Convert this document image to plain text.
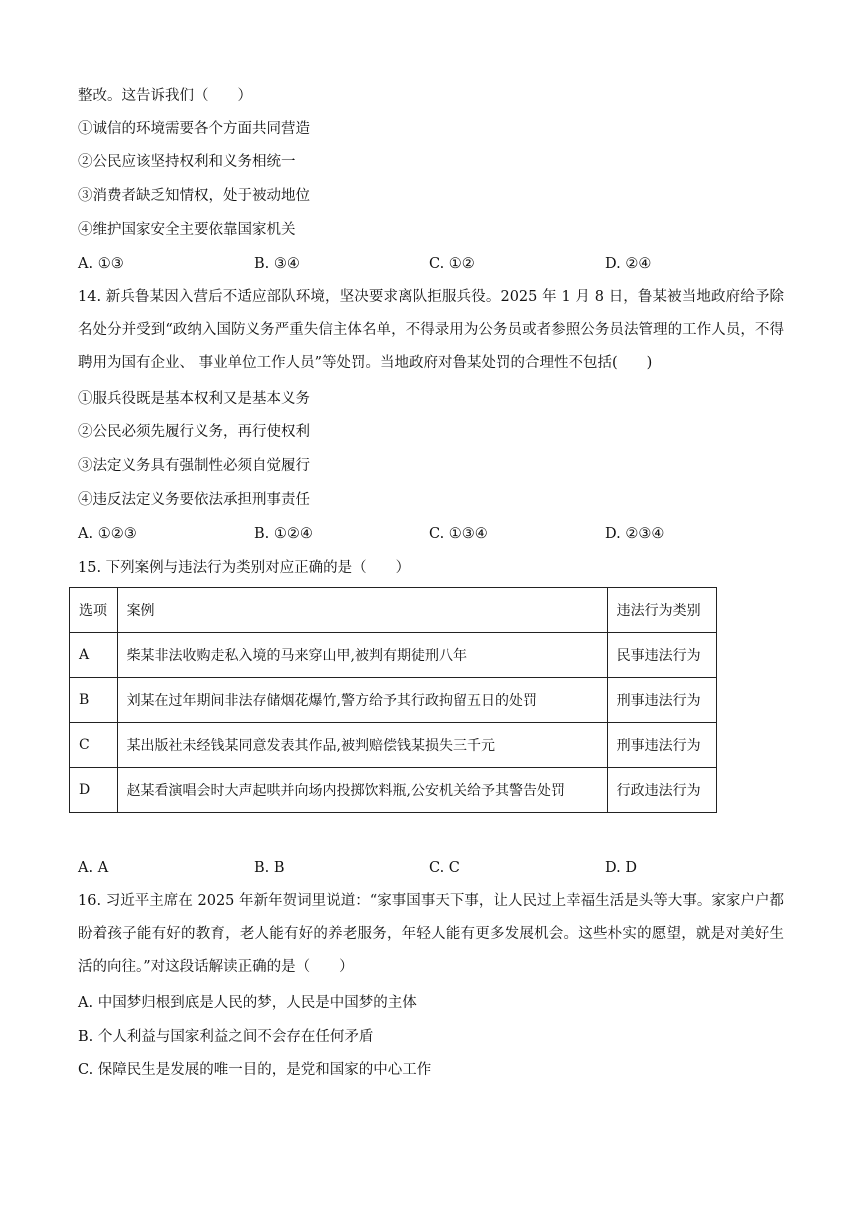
整改。这告诉我们（　　）
①诚信的环境需要各个方面共同营造
②公民应该坚持权利和义务相统一
③消费者缺乏知情权，处于被动地位
④维护国家安全主要依靠国家机关
A. ①③	B. ③④	C. ①②	D. ②④
14. 新兵鲁某因入营后不适应部队环境，坚决要求离队拒服兵役。2025 年 1 月 8 日，鲁某被当地政府给予除名处分并受到“政纳入国防义务严重失信主体名单，不得录用为公务员或者参照公务员法管理的工作人员，不得聘用为国有企业、 事业单位工作人员”等处罚。当地政府对鲁某处罚的合理性不包括(　　)
①服兵役既是基本权利又是基本义务
②公民必须先履行义务，再行使权利
③法定义务具有强制性必须自觉履行
④违反法定义务要依法承担刑事责任
A. ①②③	B. ①②④	C. ①③④	D. ②③④
15. 下列案例与违法行为类别对应正确的是（　　）
选项	案例	违法行为类别
A	柴某非法收购走私入境的马来穿山甲,被判有期徒刑八年	民事违法行为
B	刘某在过年期间非法存储烟花爆竹,警方给予其行政拘留五日的处罚	刑事违法行为
C	某出版社未经钱某同意发表其作品,被判赔偿钱某损失三千元	刑事违法行为
D	赵某看演唱会时大声起哄并向场内投掷饮料瓶,公安机关给予其警告处罚	行政违法行为
A. A	B. B	C. C	D. D
16. 习近平主席在 2025 年新年贺词里说道：“家事国事天下事，让人民过上幸福生活是头等大事。家家户户都盼着孩子能有好的教育，老人能有好的养老服务，年轻人能有更多发展机会。这些朴实的愿望，就是对美好生活的向往。”对这段话解读正确的是（　　）
A. 中国梦归根到底是人民的梦，人民是中国梦的主体
B. 个人利益与国家利益之间不会存在任何矛盾
C. 保障民生是发展的唯一目的，是党和国家的中心工作
